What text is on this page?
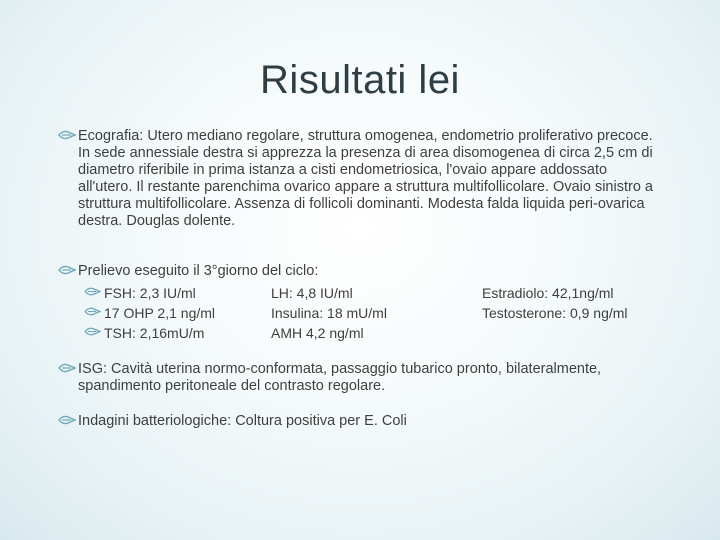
Risultati lei
Ecografia: Utero mediano regolare, struttura omogenea, endometrio proliferativo precoce. In sede annessiale destra si apprezza la presenza di area disomogenea di circa 2,5 cm di diametro riferibile in prima istanza a cisti endometriosica, l'ovaio appare addossato all'utero. Il restante parenchima ovarico appare a struttura multifollicolare. Ovaio sinistro a struttura multifollicolare. Assenza di follicoli dominanti. Modesta falda liquida peri-ovarica destra. Douglas dolente.
Prelievo eseguito il 3°giorno del ciclo:
FSH: 2,3 IU/ml
17 OHP 2,1 ng/ml
TSH: 2,16mU/m
LH: 4,8 IU/ml
Insulina: 18 mU/ml
AMH 4,2 ng/ml
Estradiolo: 42,1ng/ml
Testosterone: 0,9 ng/ml
ISG: Cavità uterina normo-conformata, passaggio tubarico pronto, bilateralmente, spandimento peritoneale del contrasto regolare.
Indagini batteriologiche: Coltura positiva per E. Coli
